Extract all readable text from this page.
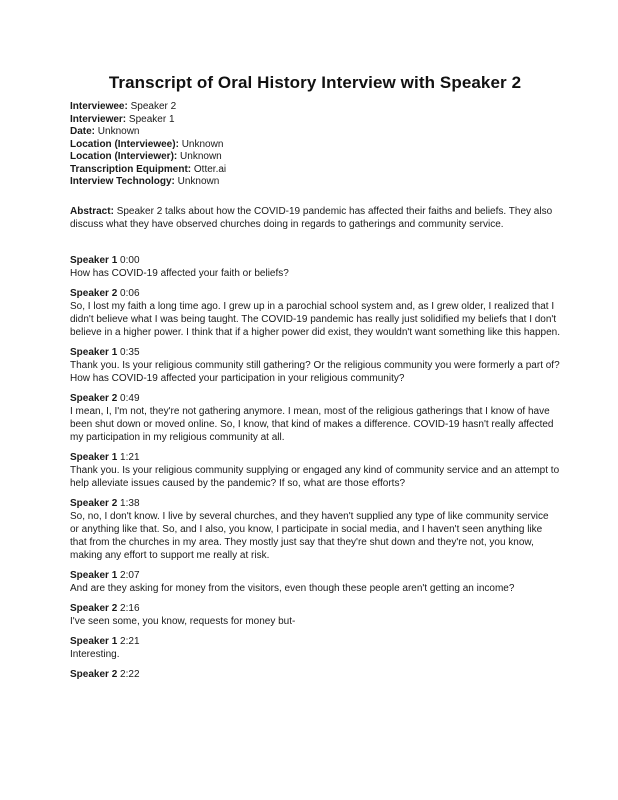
Transcript of Oral History Interview with Speaker 2

Interviewee: Speaker 2

Interviewer: Speaker 1

Date: Unknown

Location (Interviewee): Unknown

Location (Interviewer): Unknown

Transcription Equipment: Otter.ai

Interview Technology: Unknown

Abstract: Speaker 2 talks about how the COVID-19 pandemic has affected their faiths and beliefs. They also discuss what they have observed churches doing in regards to gatherings and community service.

Speaker 1 0:00

How has COVID-19 affected your faith or beliefs?

Speaker 2 0:06

So, I lost my faith a long time ago. I grew up in a parochial school system and, as I grew older, I realized that I didn't believe what I was being taught. The COVID-19 pandemic has really just solidified my beliefs that I don't believe in a higher power. I think that if a higher power did exist, they wouldn't want something like this happen.

Speaker 1 0:35

Thank you. Is your religious community still gathering? Or the religious community you were formerly a part of? How has COVID-19 affected your participation in your religious community?

Speaker 2 0:49

I mean, I, I'm not, they're not gathering anymore. I mean, most of the religious gatherings that I know of have been shut down or moved online. So, I know, that kind of makes a difference. COVID-19 hasn't really affected my participation in my religious community at all.

Speaker 1 1:21

Thank you. Is your religious community supplying or engaged any kind of community service and an attempt to help alleviate issues caused by the pandemic? If so, what are those efforts?

Speaker 2 1:38

So, no, I don't know. I live by several churches, and they haven't supplied any type of like community service or anything like that. So, and I also, you know, I participate in social media, and I haven't seen anything like that from the churches in my area. They mostly just say that they're shut down and they're not, you know, making any effort to support me really at risk.

Speaker 1 2:07

And are they asking for money from the visitors, even though these people aren't getting an income?

Speaker 2 2:16

I've seen some, you know, requests for money but-

Speaker 1 2:21

Interesting.

Speaker 2 2:22
